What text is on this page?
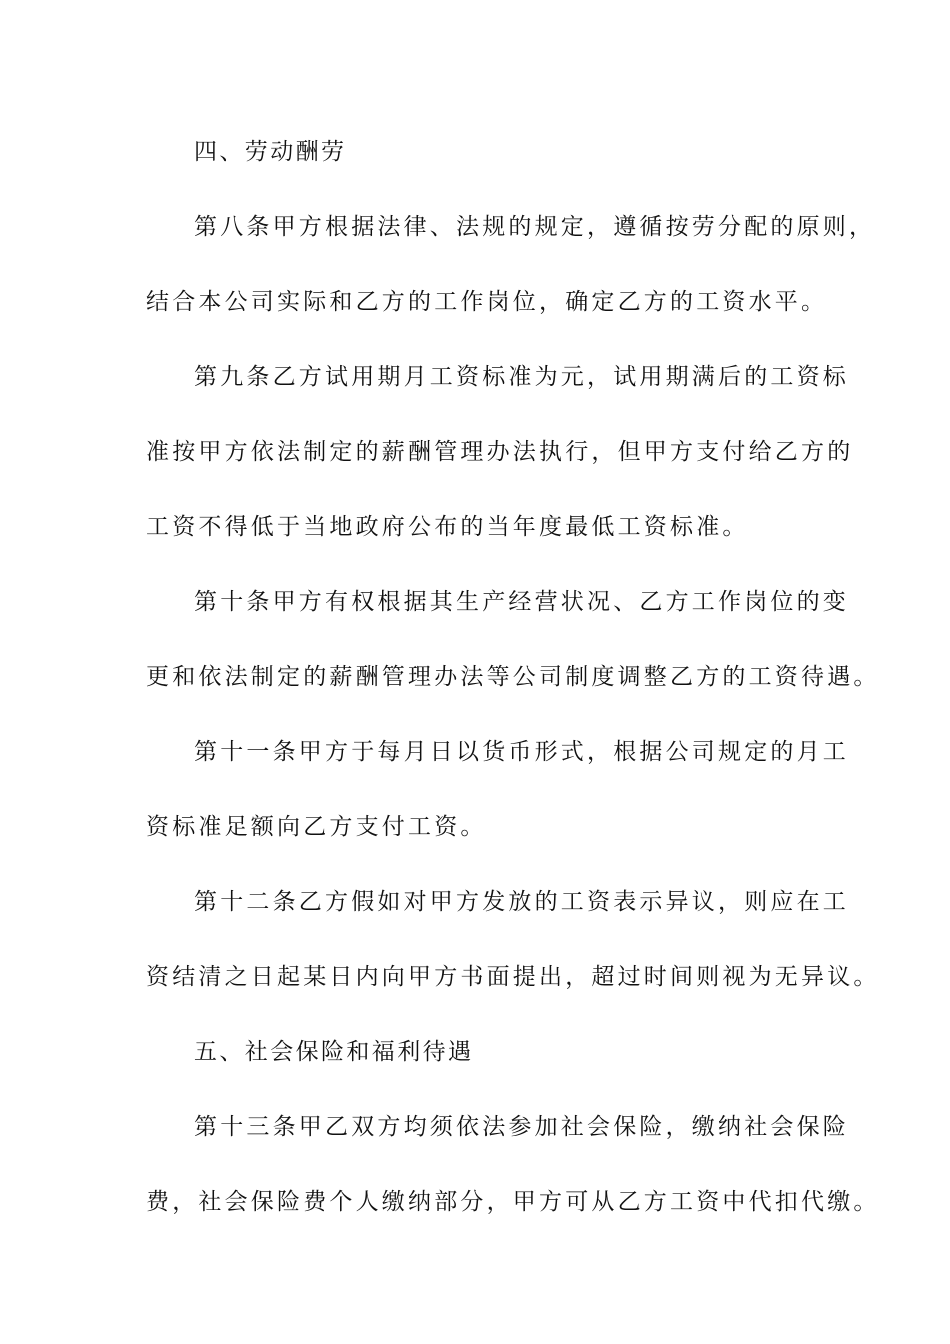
四、劳动酬劳
第八条甲方根据法律、法规的规定，遵循按劳分配的原则，
结合本公司实际和乙方的工作岗位，确定乙方的工资水平。
第九条乙方试用期月工资标准为元，试用期满后的工资标
准按甲方依法制定的薪酬管理办法执行，但甲方支付给乙方的
工资不得低于当地政府公布的当年度最低工资标准。
第十条甲方有权根据其生产经营状况、乙方工作岗位的变
更和依法制定的薪酬管理办法等公司制度调整乙方的工资待遇。
第十一条甲方于每月日以货币形式，根据公司规定的月工
资标准足额向乙方支付工资。
第十二条乙方假如对甲方发放的工资表示异议，则应在工
资结清之日起某日内向甲方书面提出，超过时间则视为无异议。
五、社会保险和福利待遇
第十三条甲乙双方均须依法参加社会保险，缴纳社会保险
费，社会保险费个人缴纳部分，甲方可从乙方工资中代扣代缴。
